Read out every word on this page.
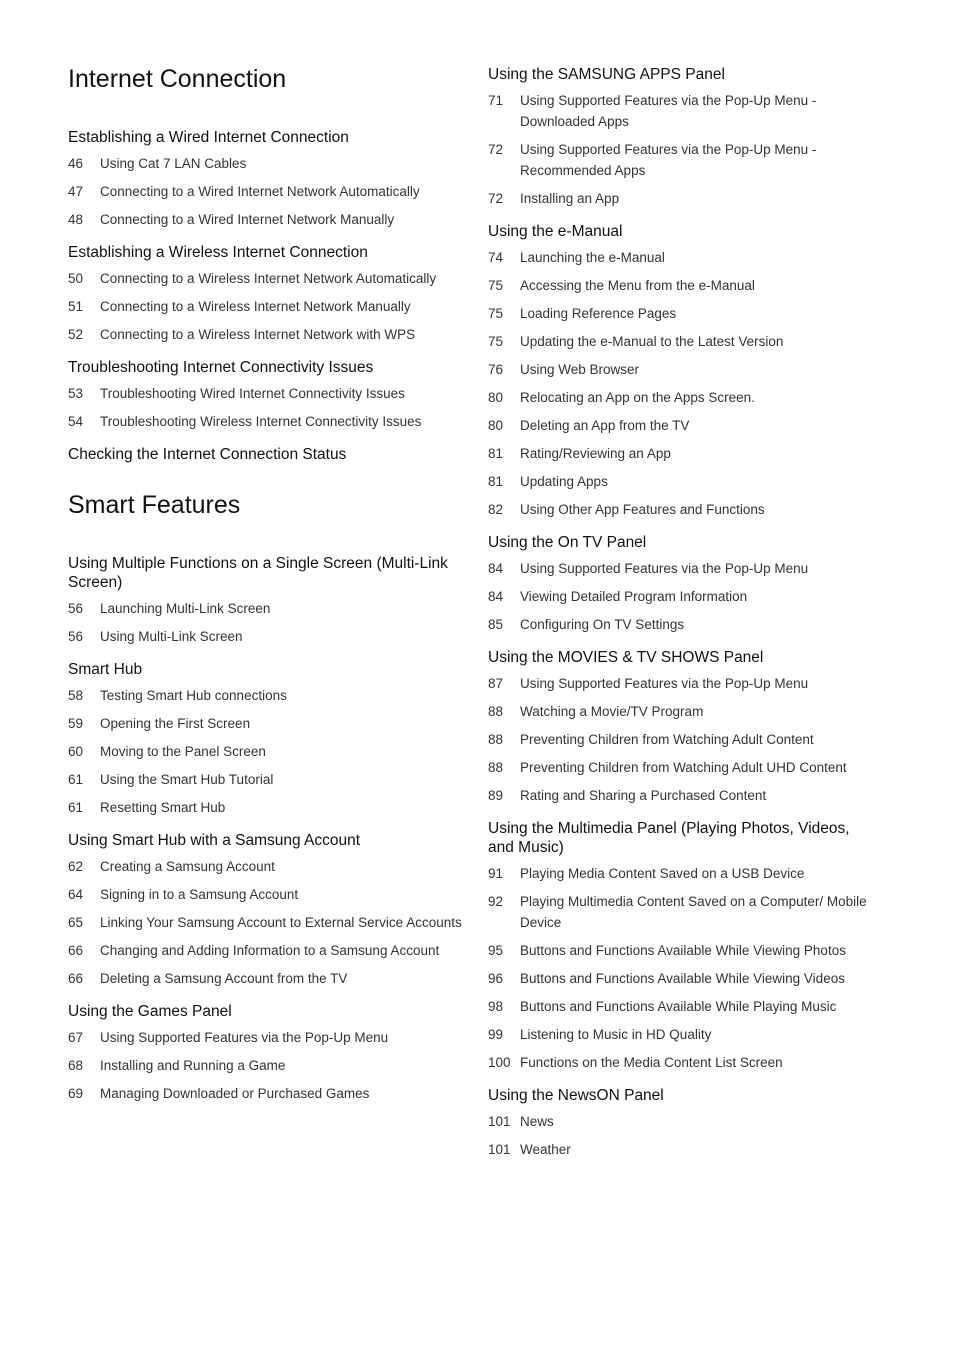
Internet Connection
Establishing a Wired Internet Connection
46	Using Cat 7 LAN Cables
47	Connecting to a Wired Internet Network Automatically
48	Connecting to a Wired Internet Network Manually
Establishing a Wireless Internet Connection
50	Connecting to a Wireless Internet Network Automatically
51	Connecting to a Wireless Internet Network Manually
52	Connecting to a Wireless Internet Network with WPS
Troubleshooting Internet Connectivity Issues
53	Troubleshooting Wired Internet Connectivity Issues
54	Troubleshooting Wireless Internet Connectivity Issues
Checking the Internet Connection Status
Smart Features
Using Multiple Functions on a Single Screen (Multi-Link Screen)
56	Launching Multi-Link Screen
56	Using Multi-Link Screen
Smart Hub
58	Testing Smart Hub connections
59	Opening the First Screen
60	Moving to the Panel Screen
61	Using the Smart Hub Tutorial
61	Resetting Smart Hub
Using Smart Hub with a Samsung Account
62	Creating a Samsung Account
64	Signing in to a Samsung Account
65	Linking Your Samsung Account to External Service Accounts
66	Changing and Adding Information to a Samsung Account
66	Deleting a Samsung Account from the TV
Using the Games Panel
67	Using Supported Features via the Pop-Up Menu
68	Installing and Running a Game
69	Managing Downloaded or Purchased Games
Using the SAMSUNG APPS Panel
71	Using Supported Features via the Pop-Up Menu - Downloaded Apps
72	Using Supported Features via the Pop-Up Menu - Recommended Apps
72	Installing an App
Using the e-Manual
74	Launching the e-Manual
75	Accessing the Menu from the e-Manual
75	Loading Reference Pages
75	Updating the e-Manual to the Latest Version
76	Using Web Browser
80	Relocating an App on the Apps Screen.
80	Deleting an App from the TV
81	Rating/Reviewing an App
81	Updating Apps
82	Using Other App Features and Functions
Using the On TV Panel
84	Using Supported Features via the Pop-Up Menu
84	Viewing Detailed Program Information
85	Configuring On TV Settings
Using the MOVIES & TV SHOWS Panel
87	Using Supported Features via the Pop-Up Menu
88	Watching a Movie/TV Program
88	Preventing Children from Watching Adult Content
88	Preventing Children from Watching Adult UHD Content
89	Rating and Sharing a Purchased Content
Using the Multimedia Panel (Playing Photos, Videos, and Music)
91	Playing Media Content Saved on a USB Device
92	Playing Multimedia Content Saved on a Computer/ Mobile Device
95	Buttons and Functions Available While Viewing Photos
96	Buttons and Functions Available While Viewing Videos
98	Buttons and Functions Available While Playing Music
99	Listening to Music in HD Quality
100 Functions on the Media Content List Screen
Using the NewsON Panel
101 News
101 Weather
